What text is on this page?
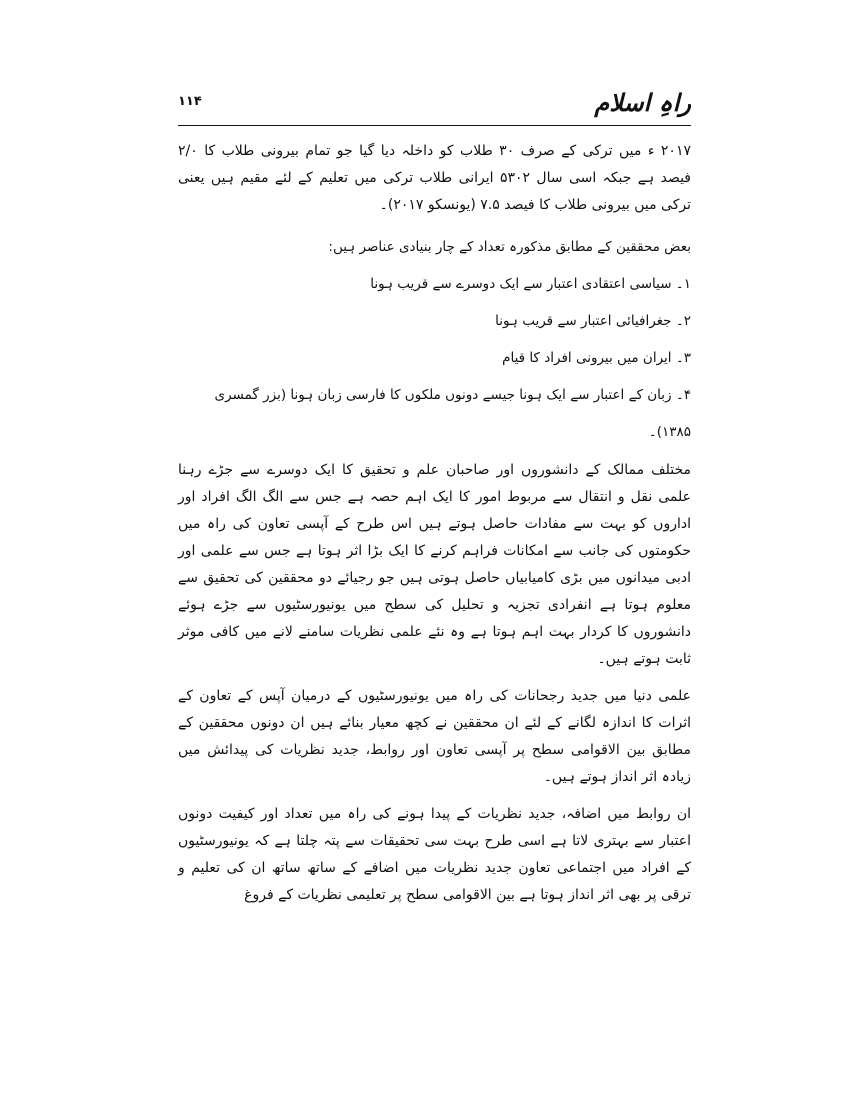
راہِ اسلام
۱۱۴

۲۰۱۷ ء میں ترکی کے صرف ۳۰ طلاب کو داخلہ دیا گیا جو تمام بیرونی طلاب کا ۲/۰ فیصد ہے جبکہ اسی سال ۵۳۰۲ ایرانی طلاب ترکی میں تعلیم کے لئے مقیم ہیں یعنی ترکی میں بیرونی طلاب کا فیصد ۷.۵ (یونسکو ۲۰۱۷)۔

بعض محققین کے مطابق مذکورہ تعداد کے چار بنیادی عناصر ہیں:

۱۔ سیاسی اعتقادی اعتبار سے ایک دوسرے سے قریب ہونا

۲۔ جغرافیائی اعتبار سے قریب ہونا

۳۔ ایران میں بیرونی افراد کا قیام

۴۔ زبان کے اعتبار سے ایک ہونا جیسے دونوں ملکوں کا فارسی زبان ہونا (بزر گمسری ۱۳۸۵)۔

مختلف ممالک کے دانشوروں اور صاحبان علم و تحقیق کا ایک دوسرے سے جڑے رہنا علمی نقل و انتقال سے مربوط امور کا ایک اہم حصہ ہے جس سے الگ الگ افراد اور اداروں کو بہت سے مفادات حاصل ہوتے ہیں اس طرح کے آپسی تعاون کی راہ میں حکومتوں کی جانب سے امکانات فراہم کرنے کا ایک بڑا اثر ہوتا ہے جس سے علمی اور ادبی میدانوں میں بڑی کامیابیاں حاصل ہوتی ہیں جو رجیائے دو محققین کی تحقیق سے معلوم ہوتا ہے انفرادی تجزیہ و تحلیل کی سطح میں یونیورسٹیوں سے جڑے ہوئے دانشوروں کا کردار بہت اہم ہوتا ہے وہ نئے علمی نظریات سامنے لانے میں کافی موثر ثابت ہوتے ہیں۔

علمی دنیا میں جدید رجحانات کی راہ میں یونیورسٹیوں کے درمیان آپس کے تعاون کے اثرات کا اندازہ لگانے کے لئے ان محققین نے کچھ معیار بنائے ہیں ان دونوں محققین کے مطابق بین الاقوامی سطح پر آپسی تعاون اور روابط، جدید نظریات کی پیدائش میں زیادہ اثر انداز ہوتے ہیں۔

ان روابط میں اضافہ، جدید نظریات کے پیدا ہونے کی راہ میں تعداد اور کیفیت دونوں اعتبار سے بہتری لاتا ہے اسی طرح بہت سی تحقیقات سے پتہ چلتا ہے کہ یونیورسٹیوں کے افراد میں اجتماعی تعاون جدید نظریات میں اضافے کے ساتھ ساتھ ان کی تعلیم و ترقی پر بھی اثر انداز ہوتا ہے بین الاقوامی سطح پر تعلیمی نظریات کے فروغ
